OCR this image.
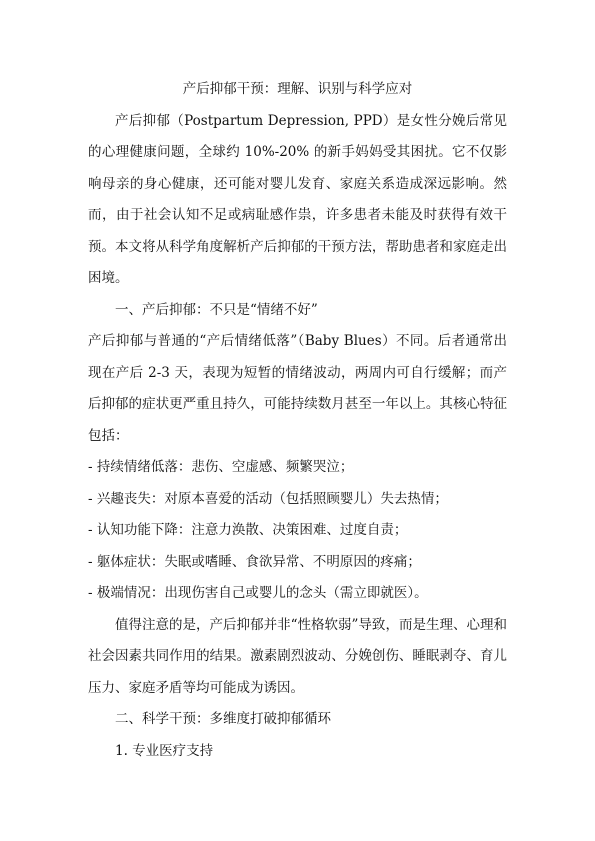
产后抑郁干预：理解、识别与科学应对

产后抑郁（Postpartum Depression, PPD）是女性分娩后常见的心理健康问题，全球约 10%-20% 的新手妈妈受其困扰。它不仅影响母亲的身心健康，还可能对婴儿发育、家庭关系造成深远影响。然而，由于社会认知不足或病耻感作祟，许多患者未能及时获得有效干预。本文将从科学角度解析产后抑郁的干预方法，帮助患者和家庭走出困境。

一、产后抑郁：不只是“情绪不好”

产后抑郁与普通的“产后情绪低落”（Baby Blues）不同。后者通常出现在产后 2-3 天，表现为短暂的情绪波动，两周内可自行缓解；而产后抑郁的症状更严重且持久，可能持续数月甚至一年以上。其核心特征包括：

- 持续情绪低落：悲伤、空虚感、频繁哭泣；
- 兴趣丧失：对原本喜爱的活动（包括照顾婴儿）失去热情；
- 认知功能下降：注意力涣散、决策困难、过度自责；
- 躯体症状：失眠或嗜睡、食欲异常、不明原因的疼痛；
- 极端情况：出现伤害自己或婴儿的念头（需立即就医）。

值得注意的是，产后抑郁并非“性格软弱”导致，而是生理、心理和社会因素共同作用的结果。激素剧烈波动、分娩创伤、睡眠剥夺、育儿压力、家庭矛盾等均可能成为诱因。

二、科学干预：多维度打破抑郁循环

1. 专业医疗支持
